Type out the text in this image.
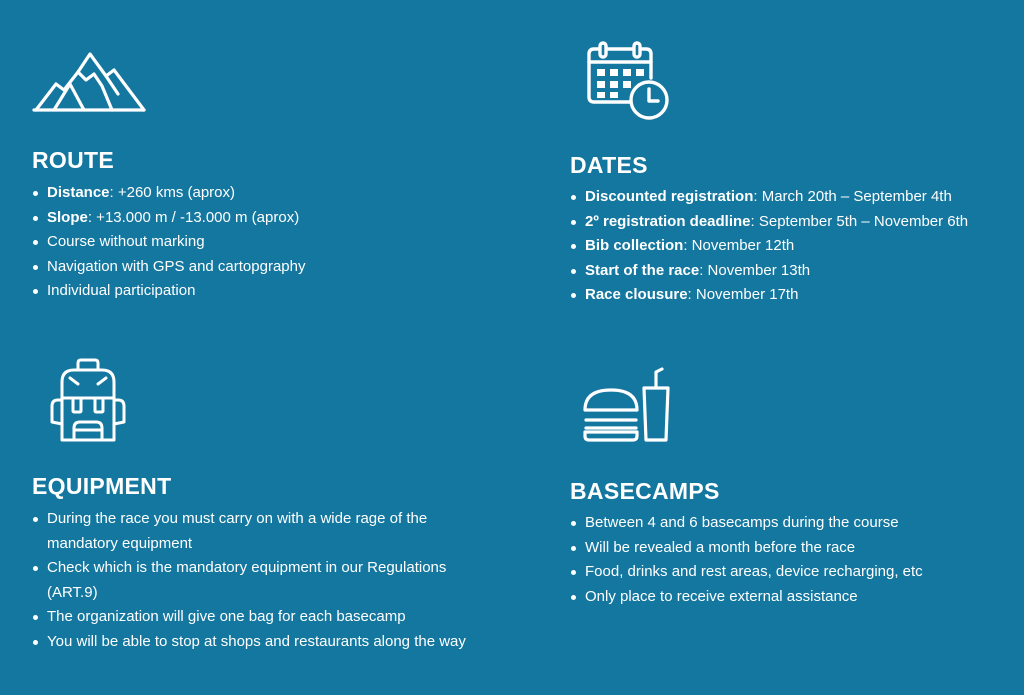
ROUTE
Distance: +260 kms (aprox)
Slope: +13.000 m / -13.000 m (aprox)
Course without marking
Navigation with GPS and cartopgraphy
Individual participation
DATES
Discounted registration: March 20th – September 4th
2º registration deadline: September 5th – November 6th
Bib collection: November 12th
Start of the race: November 13th
Race clousure: November 17th
EQUIPMENT
During the race you must carry on with a wide rage of the
mandatory equipment
Check which is the mandatory equipment in our Regulations
(ART.9)
The organization will give one bag for each basecamp
You will be able to stop at shops and restaurants along the way
BASECAMPS
Between 4 and 6 basecamps during the course
Will be revealed a month before the race
Food, drinks and rest areas, device recharging, etc
Only place to receive external assistance
